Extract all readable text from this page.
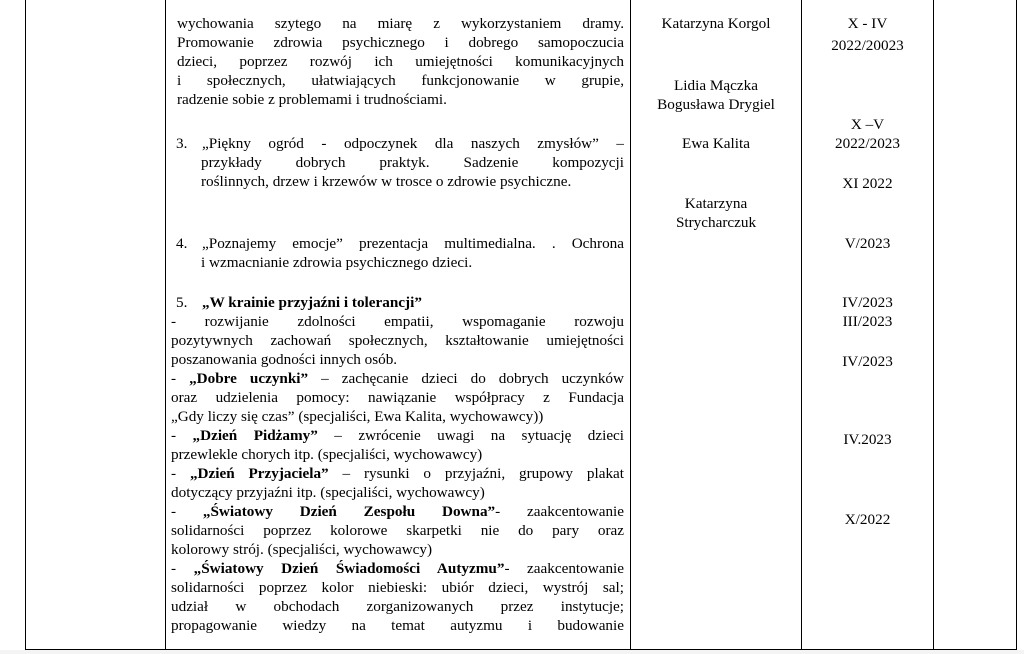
wychowania szytego na miarę z wykorzystaniem dramy.
Promowanie zdrowia psychicznego i dobrego samopoczucia
dzieci, poprzez rozwój ich umiejętności komunikacyjnych
i społecznych, ułatwiających funkcjonowanie w grupie,
radzenie sobie z problemami i trudnościami.
3. „Piękny ogród - odpoczynek dla naszych zmysłów” –
przykłady dobrych praktyk. Sadzenie kompozycji
roślinnych, drzew i krzewów w trosce o zdrowie psychiczne.
4. „Poznajemy emocje” prezentacja multimedialna. . Ochrona
i wzmacnianie zdrowia psychicznego dzieci.
5. „W krainie przyjaźni i tolerancji”
- rozwijanie zdolności empatii, wspomaganie rozwoju
pozytywnych zachowań społecznych, kształtowanie umiejętności
poszanowania godności innych osób.
- „Dobre uczynki” – zachęcanie dzieci do dobrych uczynków
oraz udzielenia pomocy: nawiązanie współpracy z Fundacja
„Gdy liczy się czas” (specjaliści, Ewa Kalita, wychowawcy))
- „Dzień Pidżamy” – zwrócenie uwagi na sytuację dzieci
przewlekle chorych itp. (specjaliści, wychowawcy)
- „Dzień Przyjaciela” – rysunki o przyjaźni, grupowy plakat
dotyczący przyjaźni itp. (specjaliści, wychowawcy)
- „Światowy Dzień Zespołu Downa”- zaakcentowanie
solidarności poprzez kolorowe skarpetki nie do pary oraz
kolorowy strój. (specjaliści, wychowawcy)
- „Światowy Dzień Świadomości Autyzmu”- zaakcentowanie
solidarności poprzez kolor niebieski: ubiór dzieci, wystrój sal;
udział w obchodach zorganizowanych przez instytucje;
propagowanie wiedzy na temat autyzmu i budowanie
Katarzyna Korgol
Lidia Mączka
Bogusława Drygiel
Ewa Kalita
Katarzyna
Strycharczuk
X - IV
2022/20023
X –V
2022/2023
XI 2022
V/2023
IV/2023
III/2023
IV/2023
IV.2023
X/2022
